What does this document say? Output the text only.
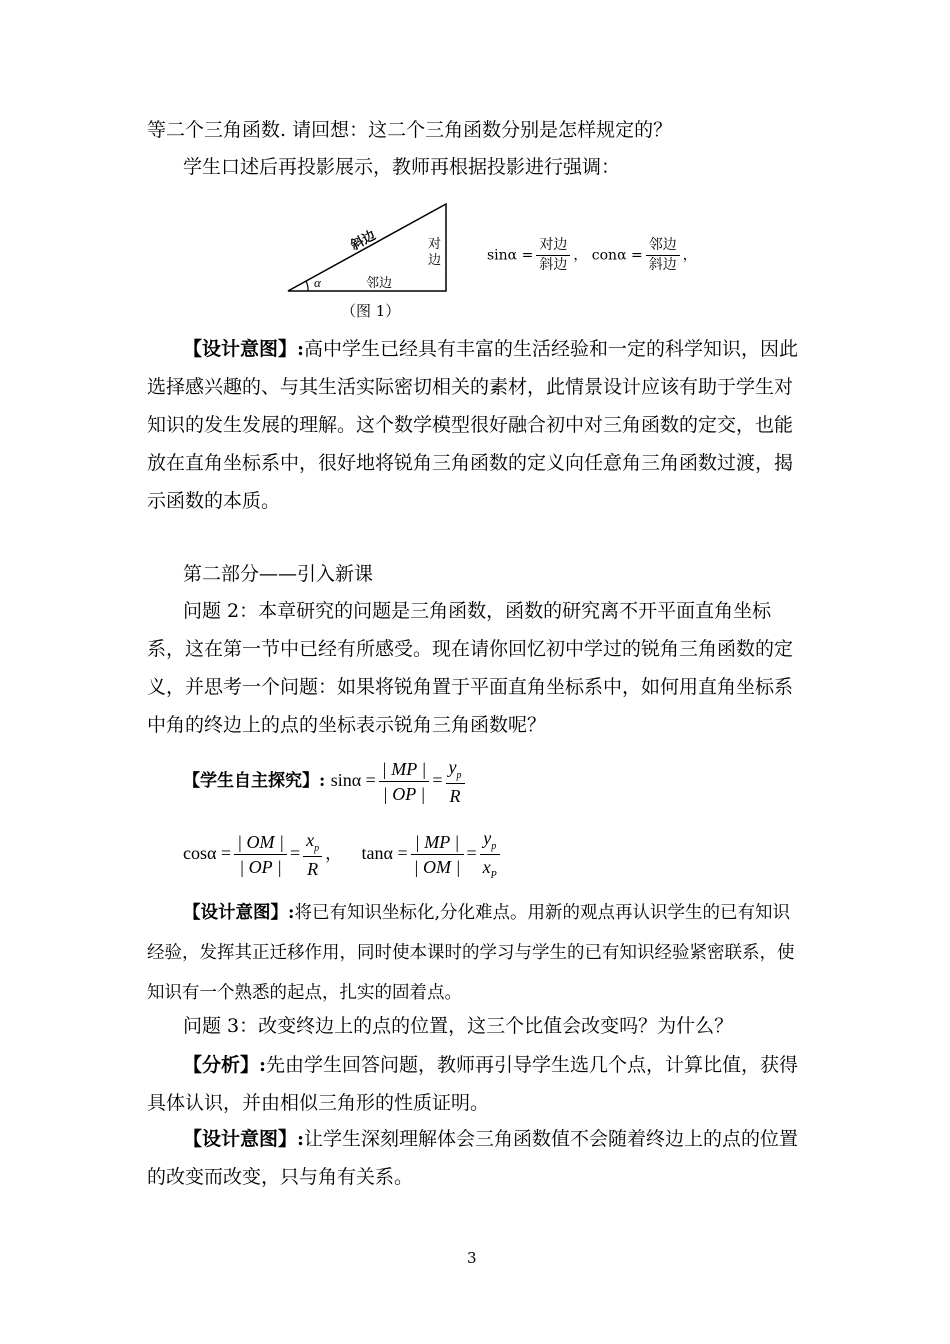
等二个三角函数. 请回想：这二个三角函数分别是怎样规定的？
学生口述后再投影展示，教师再根据投影进行强调：
斜边	对
边
邻边
α
（图 1）
$\sin\alpha = \frac{\text{对边}}{\text{斜边}}$ ， $con\alpha = \frac{\text{邻边}}{\text{斜边}}$ ，
【设计意图】:高中学生已经具有丰富的生活经验和一定的科学知识，因此选择感兴趣的、与其生活实际密切相关的素材，此情景设计应该有助于学生对知识的发生发展的理解。这个数学模型很好融合初中对三角函数的定交，也能放在直角坐标系中，很好地将锐角三角函数的定义向任意角三角函数过渡，揭示函数的本质。
第二部分——引入新课
问题 2：本章研究的问题是三角函数，函数的研究离不开平面直角坐标系，这在第一节中已经有所感受。现在请你回忆初中学过的锐角三角函数的定义，并思考一个问题：如果将锐角置于平面直角坐标系中，如何用直角坐标系中角的终边上的点的坐标表示锐角三角函数呢？
【学生自主探究】: $\sin\alpha = \frac{| MP |}{| OP |} = \frac{y_p}{R}$
$\cos\alpha = \frac{| OM |}{| OP |} = \frac{x_p}{R}$ ， $\tan\alpha = \frac{| MP |}{| OM |} = \frac{y_p}{x_P}$
【设计意图】:将已有知识坐标化,分化难点。用新的观点再认识学生的已有知识经验，发挥其正迁移作用，同时使本课时的学习与学生的已有知识经验紧密联系，使知识有一个熟悉的起点，扎实的固着点。
问题 3：改变终边上的点的位置，这三个比值会改变吗？为什么？
【分析】:先由学生回答问题，教师再引导学生选几个点，计算比值，获得具体认识，并由相似三角形的性质证明。
【设计意图】:让学生深刻理解体会三角函数值不会随着终边上的点的位置的改变而改变，只与角有关系。
3
